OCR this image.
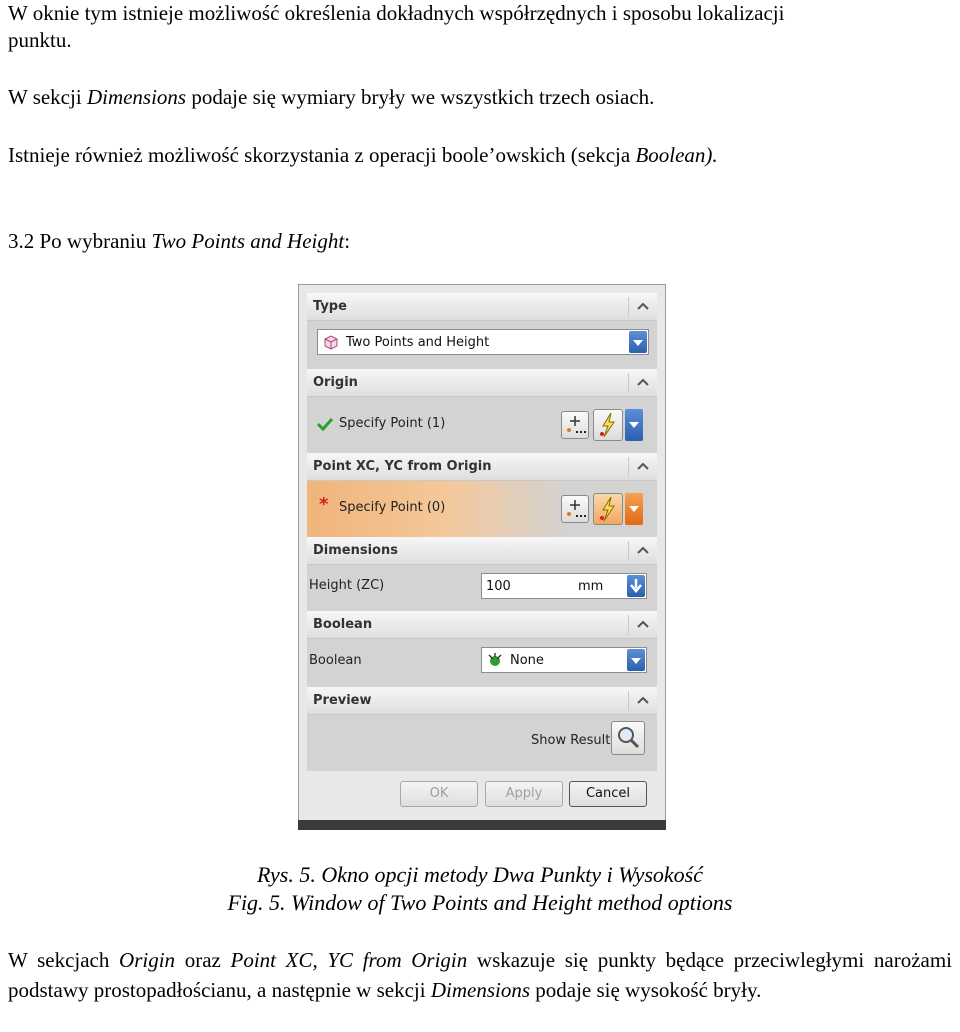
W oknie tym istnieje możliwość określenia dokładnych współrzędnych i sposobu lokalizacji
punktu.
W sekcji Dimensions podaje się wymiary bryły we wszystkich trzech osiach.
Istnieje również możliwość skorzystania z operacji boole’owskich (sekcja Boolean).
3.2 Po wybraniu Two Points and Height:
Type
Two Points and Height
Origin
Specify Point (1)
Point XC, YC from Origin
* Specify Point (0)
Dimensions
Height (ZC)	100	mm
Boolean
Boolean	None
Preview
Show Result
OK	Apply	Cancel
Rys. 5. Okno opcji metody Dwa Punkty i Wysokość
Fig. 5. Window of Two Points and Height method options
W sekcjach Origin oraz Point XC, YC from Origin wskazuje się punkty będące przeciwległymi narożami podstawy prostopadłościanu, a następnie w sekcji Dimensions podaje się wysokość bryły.
